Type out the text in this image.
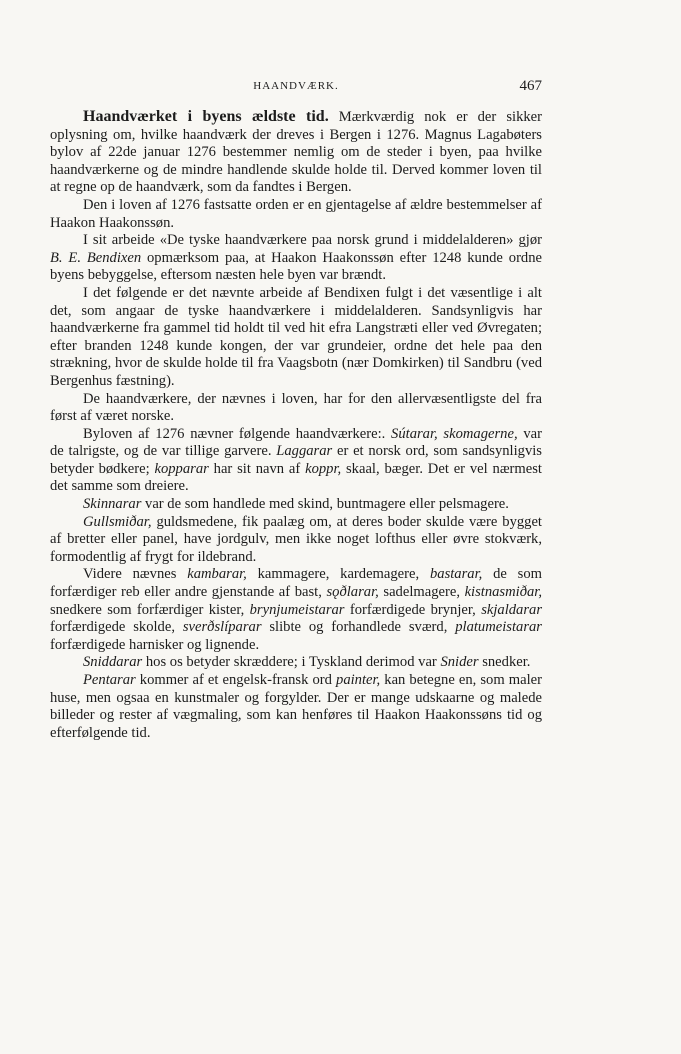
HAANDVÆRK.	467

Haandværket i byens ældste tid. Mærkværdig nok er der sikker oplysning om, hvilke haandværk der dreves i Bergen i 1276. Magnus Lagabøters bylov af 22de januar 1276 bestemmer nemlig om de steder i byen, paa hvilke haandværkerne og de mindre handlende skulde holde til. Derved kommer loven til at regne op de haandværk, som da fandtes i Bergen.

Den i loven af 1276 fastsatte orden er en gjentagelse af ældre bestemmelser af Haakon Haakonssøn.

I sit arbeide «De tyske haandværkere paa norsk grund i middelalderen» gjør B. E. Bendixen opmærksom paa, at Haakon Haakonssøn efter 1248 kunde ordne byens bebyggelse, eftersom næsten hele byen var brændt.

I det følgende er det nævnte arbeide af Bendixen fulgt i det væsentlige i alt det, som angaar de tyske haandværkere i middelalderen. Sandsynligvis har haandværkerne fra gammel tid holdt til ved hit efra Langstræti eller ved Øvregaten; efter branden 1248 kunde kongen, der var grundeier, ordne det hele paa den strækning, hvor de skulde holde til fra Vaagsbotn (nær Domkirken) til Sandbru (ved Bergenhus fæstning).

De haandværkere, der nævnes i loven, har for den allervæsentligste del fra først af været norske.

Byloven af 1276 nævner følgende haandværkere:. Sútarar, skomagerne, var de talrigste, og de var tillige garvere. Laggarar er et norsk ord, som sandsynligvis betyder bødkere; kopparar har sit navn af koppr, skaal, bæger. Det er vel nærmest det samme som dreiere.

Skinnarar var de som handlede med skind, buntmagere eller pelsmagere.

Gullsmiðar, guldsmedene, fik paalæg om, at deres boder skulde være bygget af bretter eller panel, have jordgulv, men ikke noget lofthus eller øvre stokværk, formodentlig af frygt for ildebrand.

Videre nævnes kambarar, kammagere, kardemagere, bastarar, de som forfærdiger reb eller andre gjenstande af bast, sǫðlarar, sadelmagere, kistnasmiðar, snedkere som forfærdiger kister, brynjumeistarar forfærdigede brynjer, skjaldarar forfærdigede skolde, sverðslíparar slibte og forhandlede sværd, platumeistarar forfærdigede harnisker og lignende.

Sniddarar hos os betyder skræddere; i Tyskland derimod var Snider snedker.

Pentarar kommer af et engelsk-fransk ord painter, kan betegne en, som maler huse, men ogsaa en kunstmaler og forgylder. Der er mange udskaarne og malede billeder og rester af vægmaling, som kan henføres til Haakon Haakonssøns tid og efterfølgende tid.
